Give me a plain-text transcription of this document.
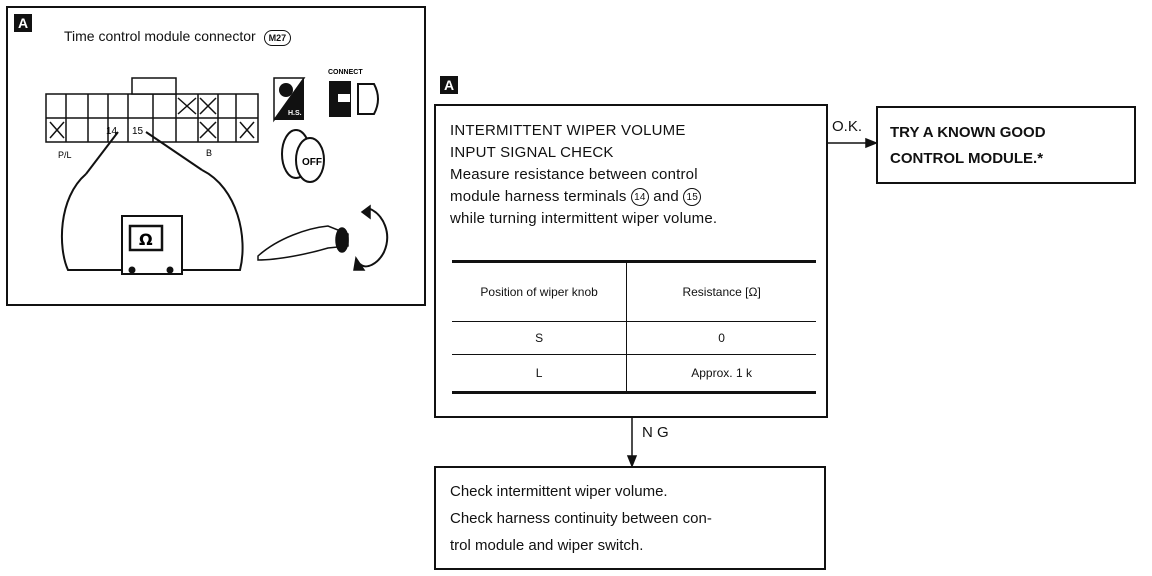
A
Time control module connector M27
14 15
P/L	B
Ω
H.S.
CONNECT
OFF
A
INTERMITTENT WIPER VOLUME
INPUT SIGNAL CHECK
Measure resistance between control
module harness terminals 14 and 15
while turning intermittent wiper volume.
Position of wiper knob	Resistance [Ω]
S	0
L	Approx. 1 k
O.K. TRY A KNOWN GOOD
CONTROL MODULE.*
N G
Check intermittent wiper volume.
Check harness continuity between con-
trol module and wiper switch.
